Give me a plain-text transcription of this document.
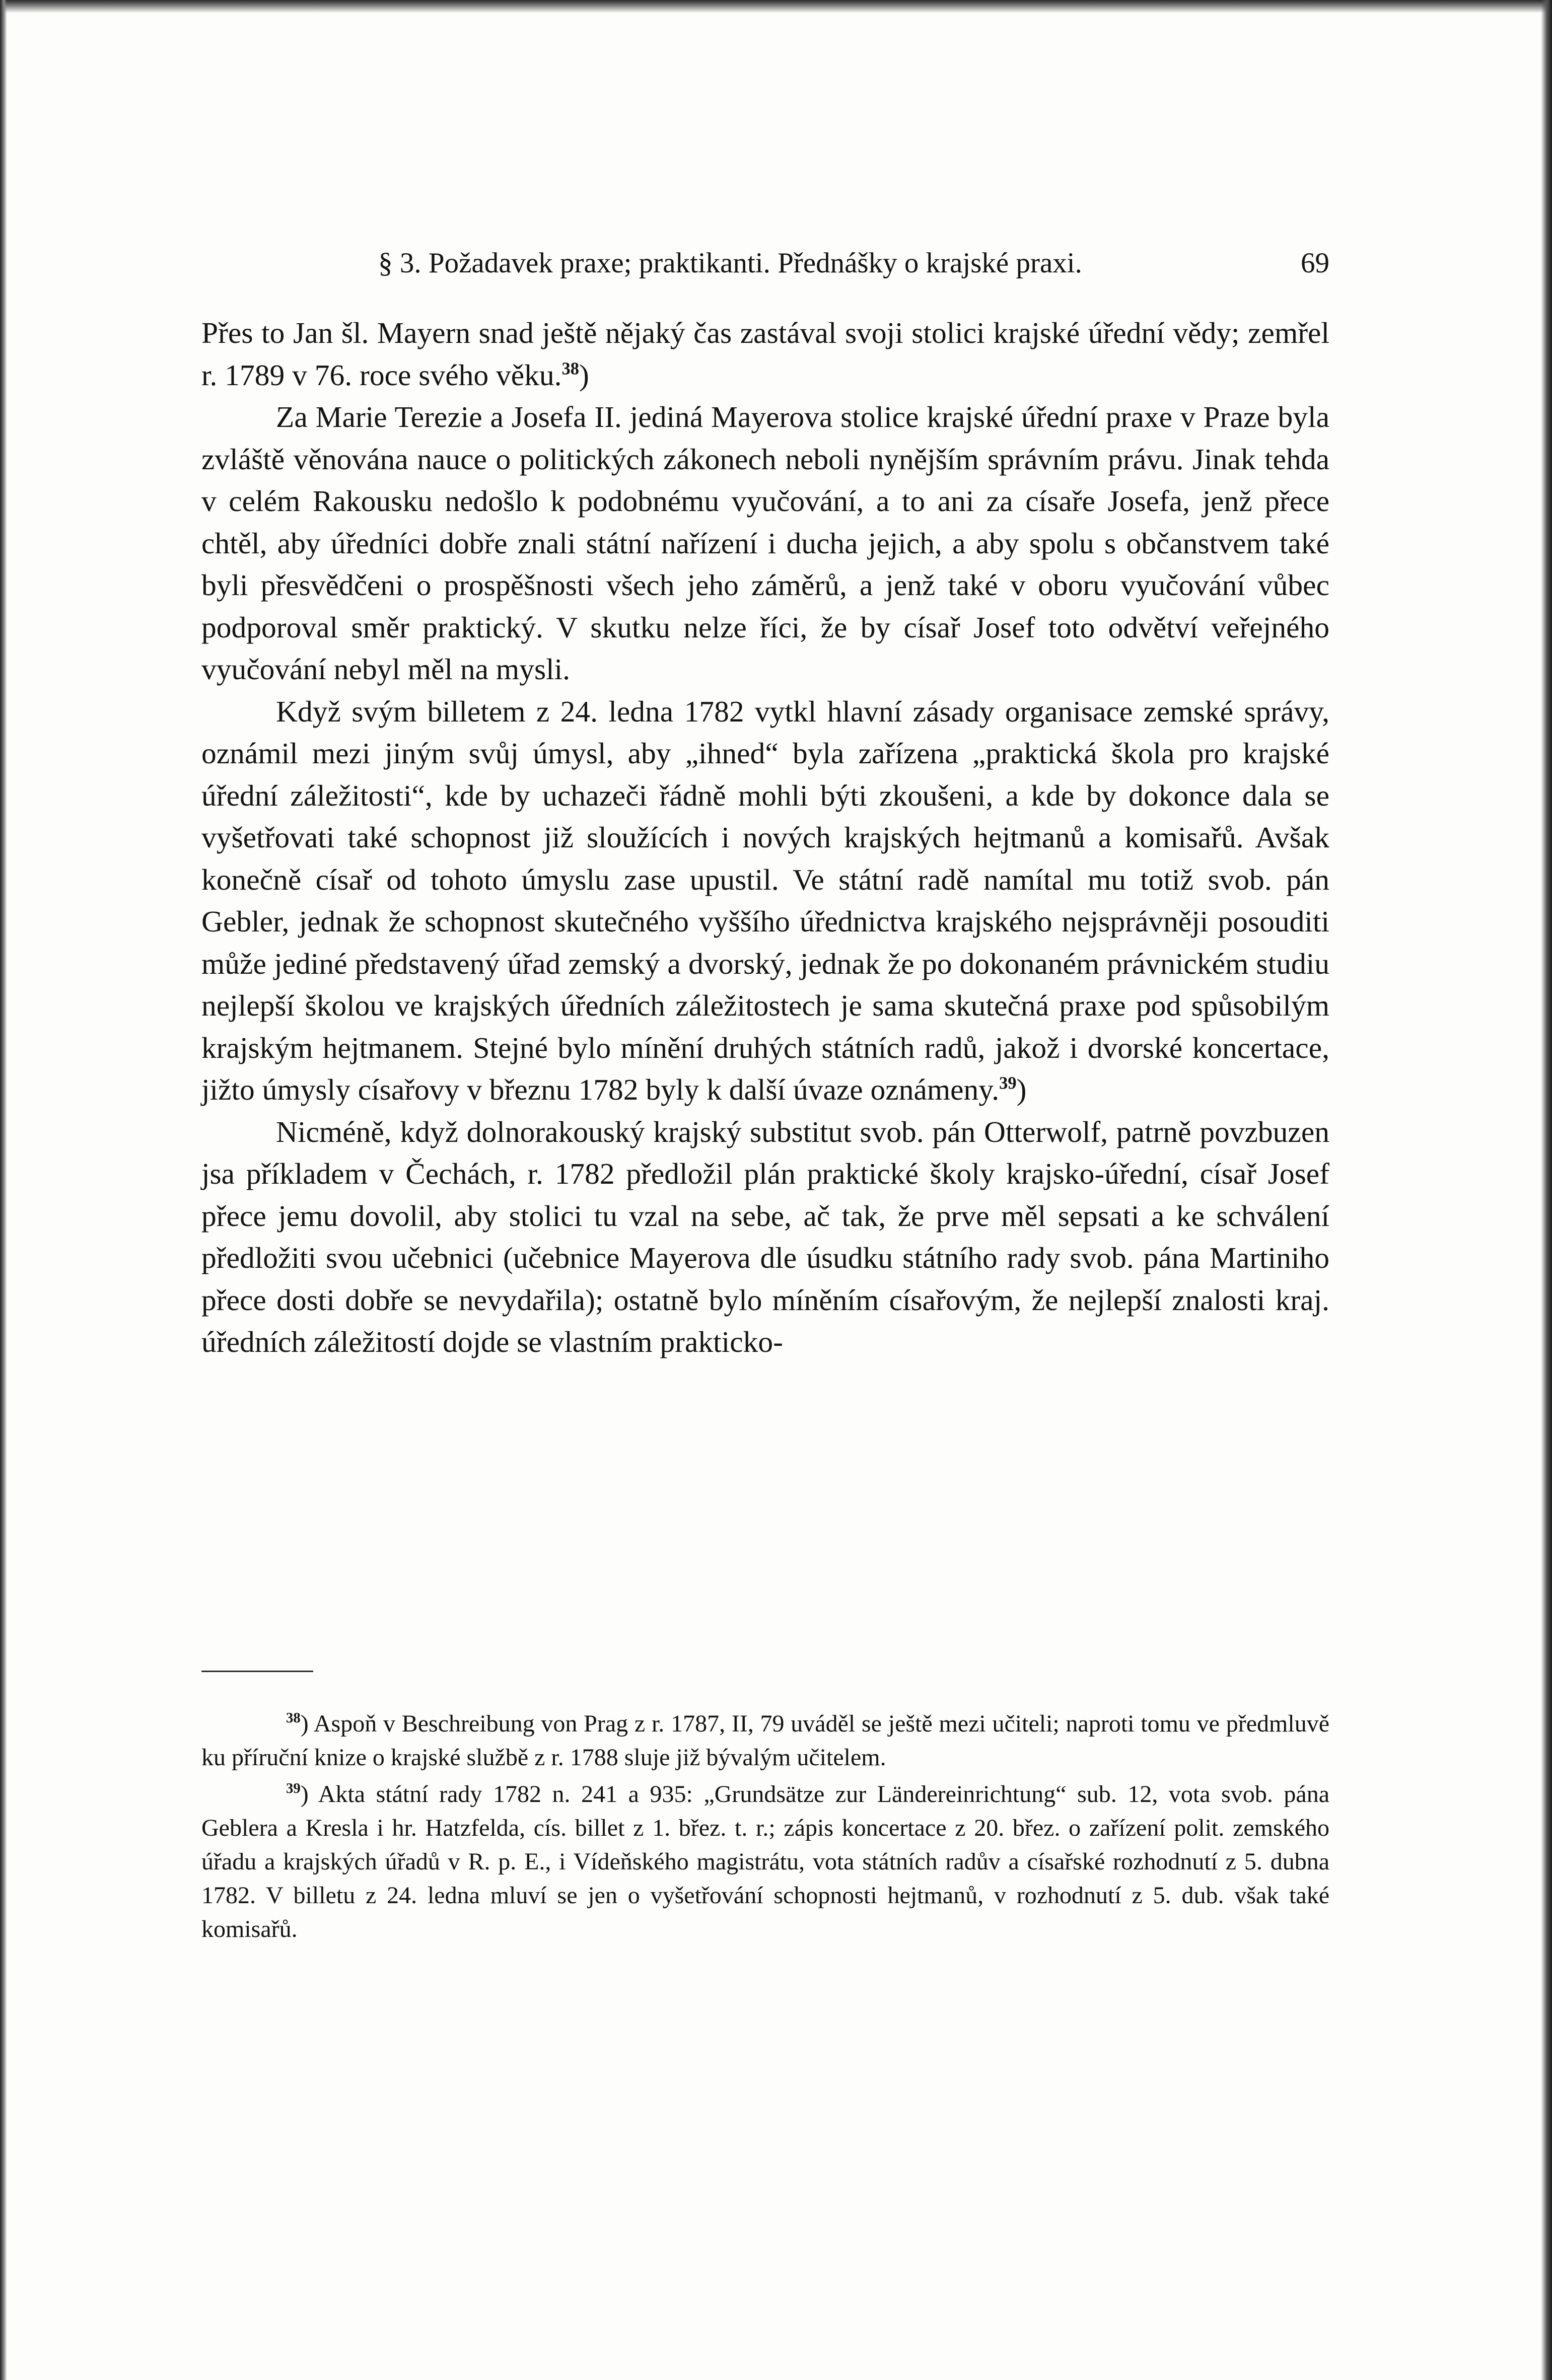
§ 3. Požadavek praxe; praktikanti. Přednášky o krajské praxi.	69

Přes to Jan šl. Mayern snad ještě nějaký čas zastával svoji stolici krajské úřední vědy; zemřel r. 1789 v 76. roce svého věku.$^{38}$)

Za Marie Terezie a Josefa II. jediná Mayerova stolice krajské úřední praxe v Praze byla zvláště věnována nauce o politických zákonech neboli nynějším správním právu. Jinak tehda v celém Rakousku nedošlo k podobnému vyučování, a to ani za císaře Josefa, jenž přece chtěl, aby úředníci dobře znali státní nařízení i ducha jejich, a aby spolu s občanstvem také byli přesvědčeni o prospěšnosti všech jeho záměrů, a jenž také v oboru vyučování vůbec podporoval směr praktický. V skutku nelze říci, že by císař Josef toto odvětví veřejného vyučování nebyl měl na mysli.

Když svým billetem z 24. ledna 1782 vytkl hlavní zásady organisace zemské správy, oznámil mezi jiným svůj úmysl, aby „ihned“ byla zařízena „praktická škola pro krajské úřední záležitosti“, kde by uchazeči řádně mohli býti zkoušeni, a kde by dokonce dala se vyšetřovati také schopnost již sloužících i nových krajských hejtmanů a komisařů. Avšak konečně císař od tohoto úmyslu zase upustil. Ve státní radě namítal mu totiž svob. pán Gebler, jednak že schopnost skutečného vyššího úřednictva krajského nejsprávněji posouditi může jediné představený úřad zemský a dvorský, jednak že po dokonaném právnickém studiu nejlepší školou ve krajských úředních záležitostech je sama skutečná praxe pod spůsobilým krajským hejtmanem. Stejné bylo mínění druhých státních radů, jakož i dvorské koncertace, jižto úmysly císařovy v březnu 1782 byly k další úvaze oznámeny.$^{39}$)

Nicméně, když dolnorakouský krajský substitut svob. pán Otterwolf, patrně povzbuzen jsa příkladem v Čechách, r. 1782 předložil plán praktické školy krajsko-úřední, císař Josef přece jemu dovolil, aby stolici tu vzal na sebe, ač tak, že prve měl sepsati a ke schválení předložiti svou učebnici (učebnice Mayerova dle úsudku státního rady svob. pána Martiniho přece dosti dobře se nevydařila); ostatně bylo míněním císařovým, že nejlepší znalosti kraj. úředních záležitostí dojde se vlastním prakticko-

$^{38}$) Aspoň v Beschreibung von Prag z r. 1787, II, 79 uváděl se ještě mezi učiteli; naproti tomu ve předmluvě ku příruční knize o krajské službě z r. 1788 sluje již bývalým učitelem.

$^{39}$) Akta státní rady 1782 n. 241 a 935: „Grundsätze zur Ländereinrichtung“ sub. 12, vota svob. pána Geblera a Kresla i hr. Hatzfelda, cís. billet z 1. břez. t. r.; zápis koncertace z 20. břez. o zařízení polit. zemského úřadu a krajských úřadů v R. p. E., i Vídeňského magistrátu, vota státních radův a císařské rozhodnutí z 5. dubna 1782. V billetu z 24. ledna mluví se jen o vyšetřování schopnosti hejtmanů, v rozhodnutí z 5. dub. však také komisařů.
